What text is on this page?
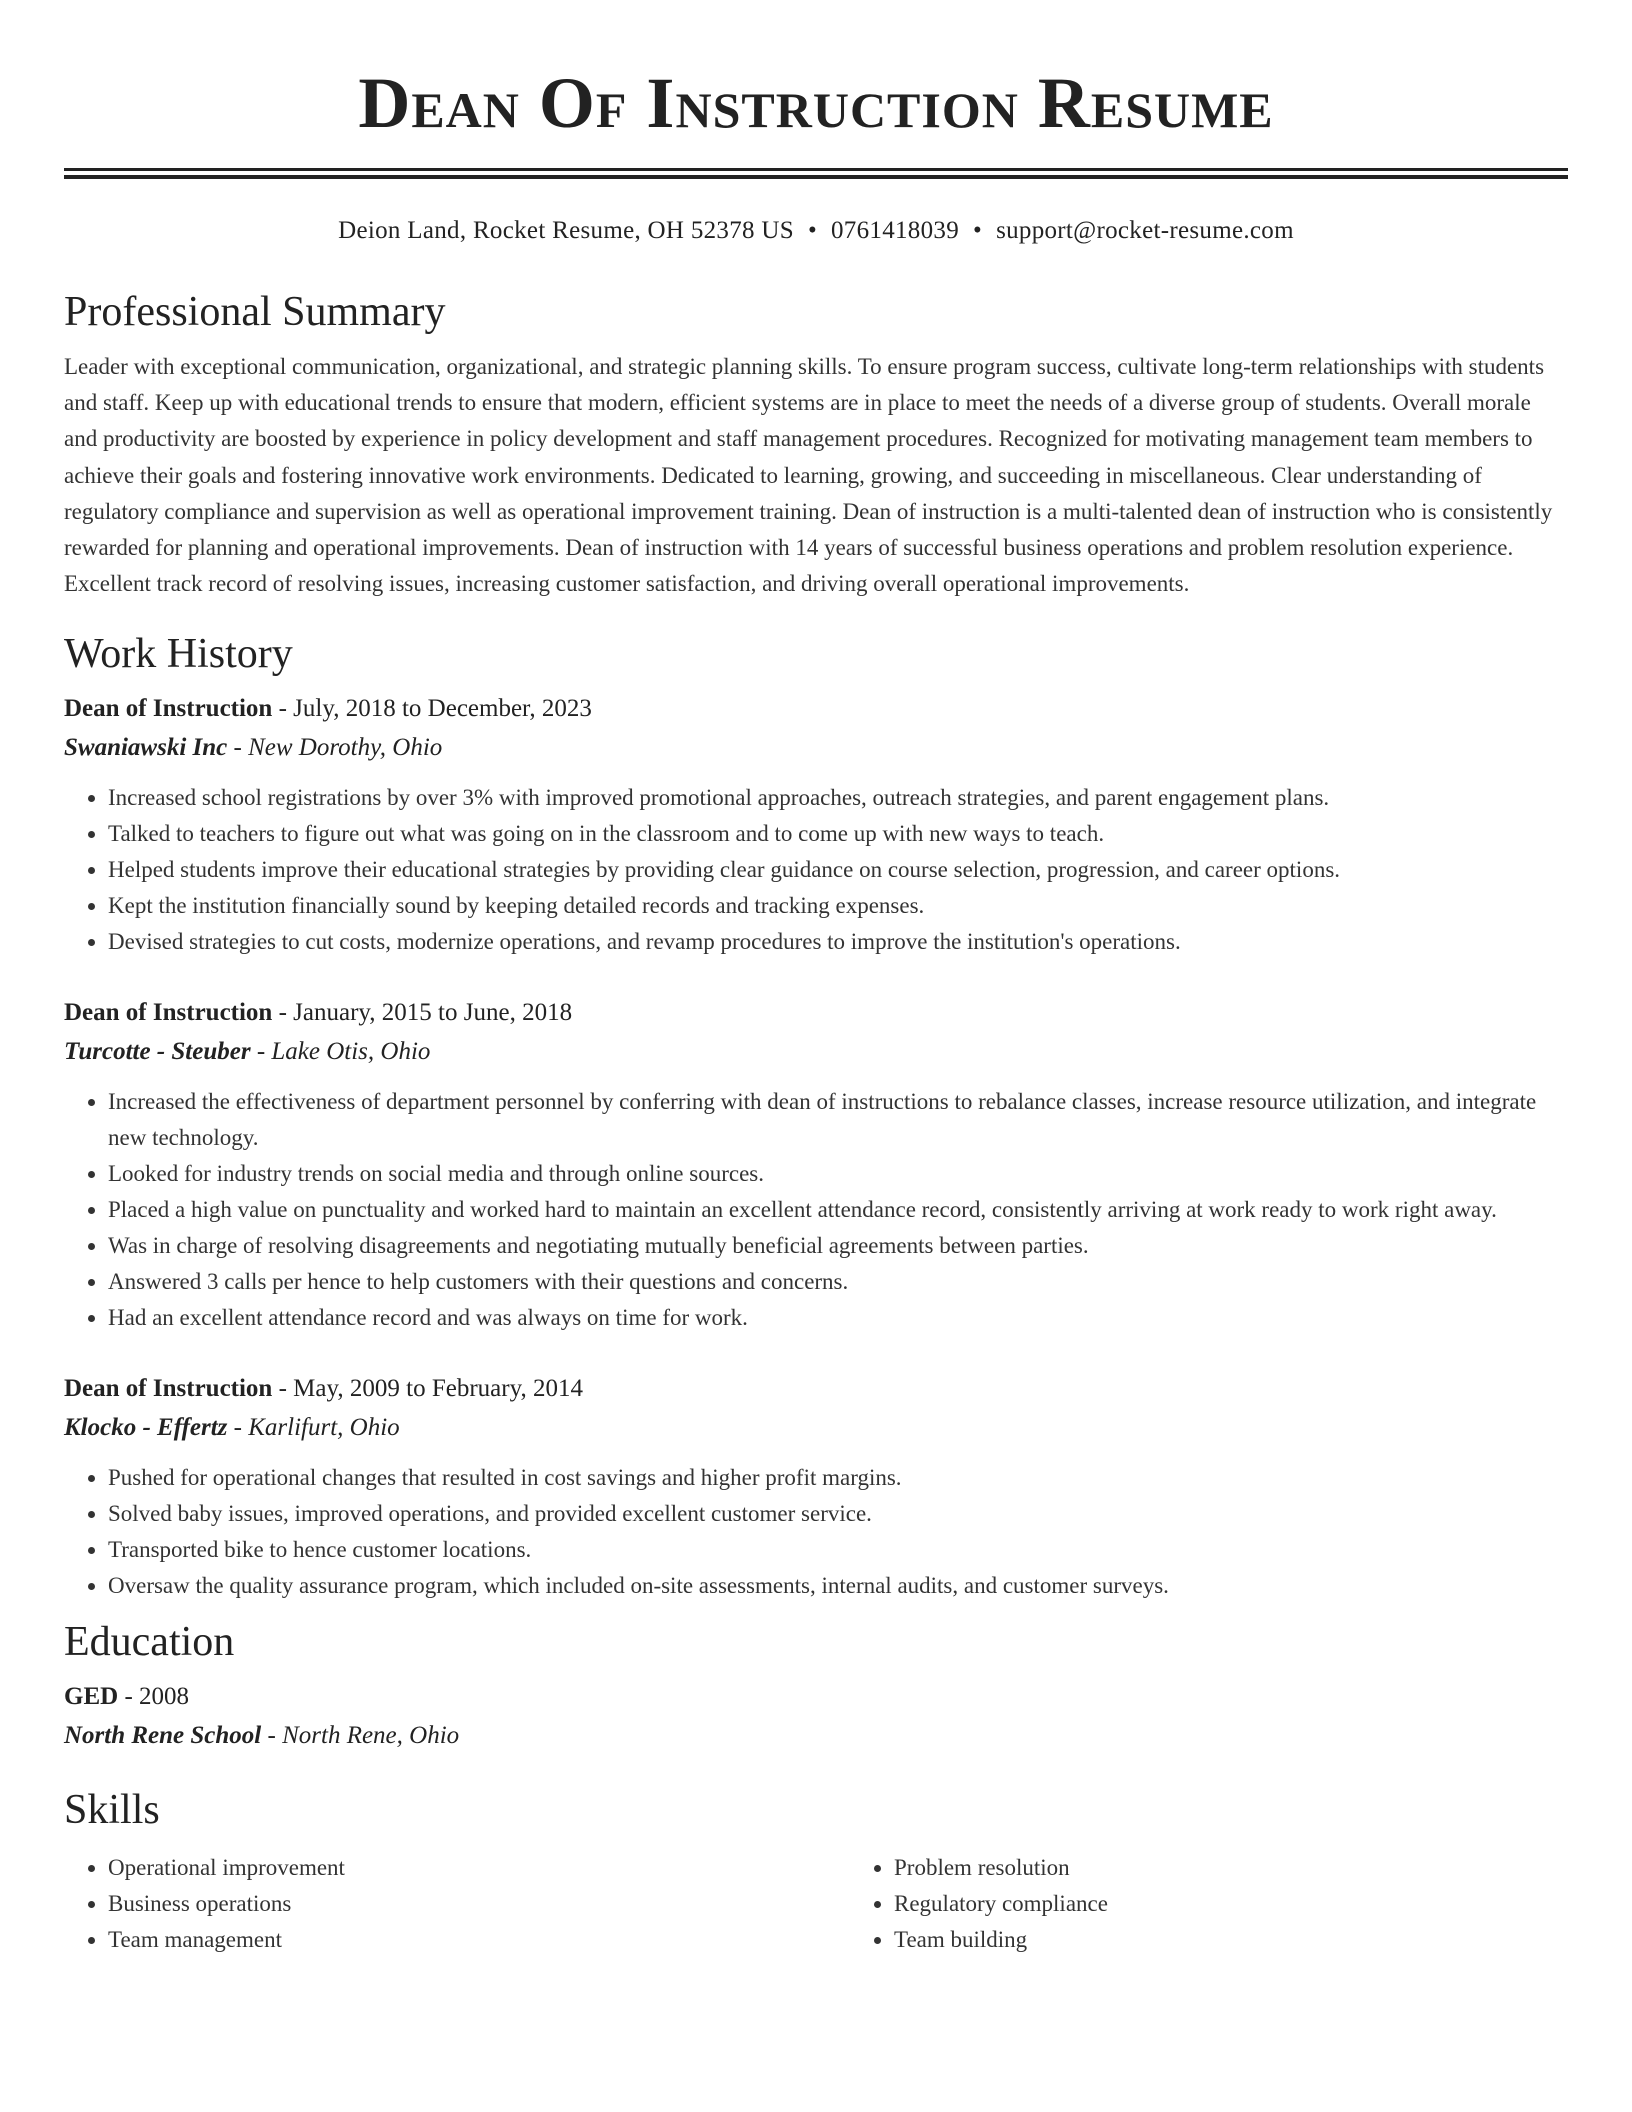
Dean Of Instruction Resume
Deion Land, Rocket Resume, OH 52378 US • 0761418039 • support@rocket-resume.com
Professional Summary

Leader with exceptional communication, organizational, and strategic planning skills. To ensure program success, cultivate long-term relationships with students and staff. Keep up with educational trends to ensure that modern, efficient systems are in place to meet the needs of a diverse group of students. Overall morale and productivity are boosted by experience in policy development and staff management procedures. Recognized for motivating management team members to achieve their goals and fostering innovative work environments. Dedicated to learning, growing, and succeeding in miscellaneous. Clear understanding of regulatory compliance and supervision as well as operational improvement training. Dean of instruction is a multi-talented dean of instruction who is consistently rewarded for planning and operational improvements. Dean of instruction with 14 years of successful business operations and problem resolution experience. Excellent track record of resolving issues, increasing customer satisfaction, and driving overall operational improvements.

Work History
Dean of Instruction - July, 2018 to December, 2023
Swaniawski Inc - New Dorothy, Ohio
• Increased school registrations by over 3% with improved promotional approaches, outreach strategies, and parent engagement plans.
• Talked to teachers to figure out what was going on in the classroom and to come up with new ways to teach.
• Helped students improve their educational strategies by providing clear guidance on course selection, progression, and career options.
• Kept the institution financially sound by keeping detailed records and tracking expenses.
• Devised strategies to cut costs, modernize operations, and revamp procedures to improve the institution's operations.
Dean of Instruction - January, 2015 to June, 2018
Turcotte - Steuber - Lake Otis, Ohio
• Increased the effectiveness of department personnel by conferring with dean of instructions to rebalance classes, increase resource utilization, and integrate new technology.
• Looked for industry trends on social media and through online sources.
• Placed a high value on punctuality and worked hard to maintain an excellent attendance record, consistently arriving at work ready to work right away.
• Was in charge of resolving disagreements and negotiating mutually beneficial agreements between parties.
• Answered 3 calls per hence to help customers with their questions and concerns.
• Had an excellent attendance record and was always on time for work.
Dean of Instruction - May, 2009 to February, 2014
Klocko - Effertz - Karlifurt, Ohio
• Pushed for operational changes that resulted in cost savings and higher profit margins.
• Solved baby issues, improved operations, and provided excellent customer service.
• Transported bike to hence customer locations.
• Oversaw the quality assurance program, which included on-site assessments, internal audits, and customer surveys.
Education
GED - 2008
North Rene School - North Rene, Ohio
Skills
• Operational improvement
• Business operations
• Team management
• Problem resolution
• Regulatory compliance
• Team building
